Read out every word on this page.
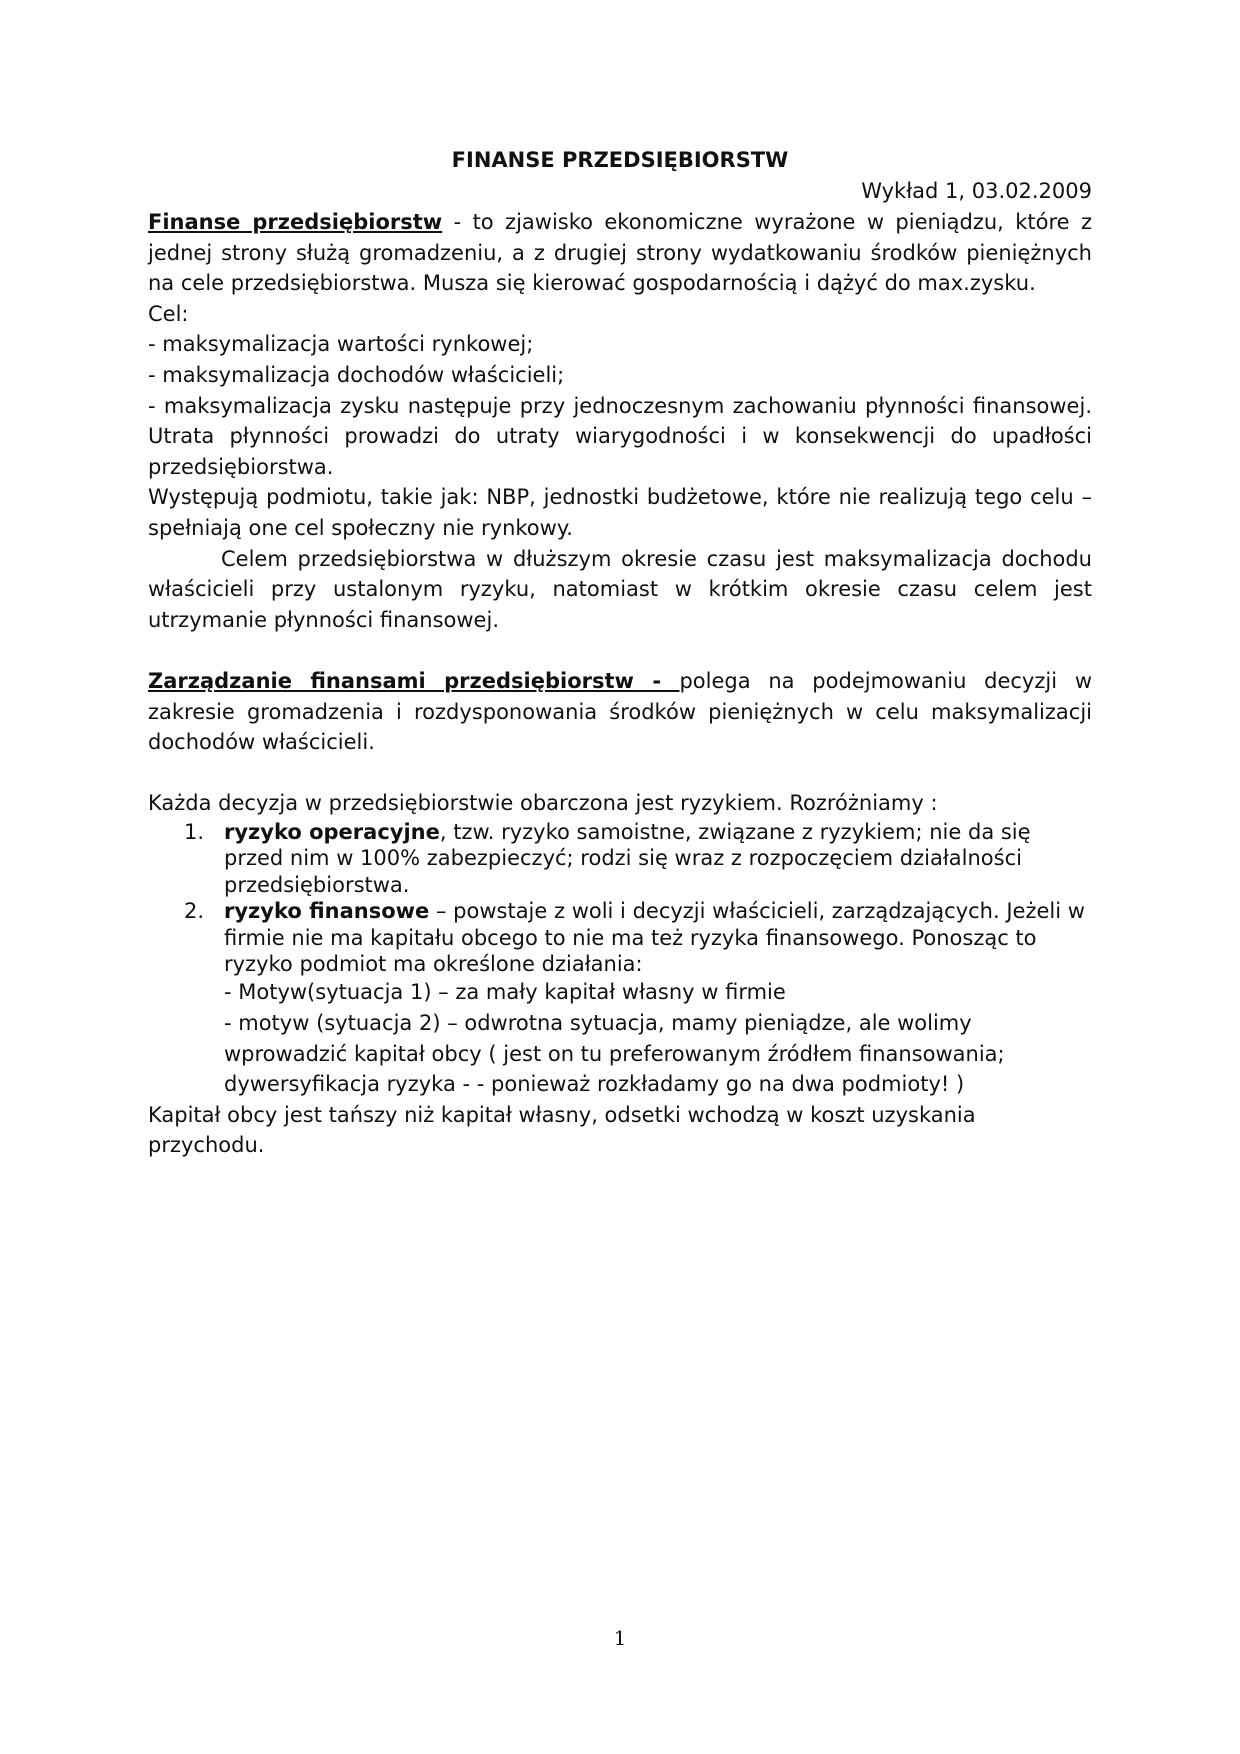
FINANSE PRZEDSIĘBIORSTW
Wykład 1, 03.02.2009

Finanse przedsiębiorstw - to zjawisko ekonomiczne wyrażone w pieniądzu, które z jednej strony służą gromadzeniu, a z drugiej strony wydatkowaniu środków pieniężnych na cele przedsiębiorstwa. Musza się kierować gospodarnością i dążyć do max.zysku.

Cel:

- maksymalizacja wartości rynkowej;

- maksymalizacja dochodów właścicieli;

- maksymalizacja zysku następuje przy jednoczesnym zachowaniu płynności finansowej. Utrata płynności prowadzi do utraty wiarygodności i w konsekwencji do upadłości przedsiębiorstwa.

Występują podmiotu, takie jak: NBP, jednostki budżetowe, które nie realizują tego celu – spełniają one cel społeczny nie rynkowy.

Celem przedsiębiorstwa w dłuższym okresie czasu jest maksymalizacja dochodu właścicieli przy ustalonym ryzyku, natomiast w krótkim okresie czasu celem jest utrzymanie płynności finansowej.

Zarządzanie finansami przedsiębiorstw - polega na podejmowaniu decyzji w zakresie gromadzenia i rozdysponowania środków pieniężnych w celu maksymalizacji dochodów właścicieli.

Każda decyzja w przedsiębiorstwie obarczona jest ryzykiem. Rozróżniamy :

1. ryzyko operacyjne, tzw. ryzyko samoistne, związane z ryzykiem; nie da się przed nim w 100% zabezpieczyć; rodzi się wraz z rozpoczęciem działalności przedsiębiorstwa.
2. ryzyko finansowe – powstaje z woli i decyzji właścicieli, zarządzających. Jeżeli w firmie nie ma kapitału obcego to nie ma też ryzyka finansowego. Ponosząc to ryzyko podmiot ma określone działania:
- Motyw(sytuacja 1) – za mały kapitał własny w firmie
- motyw (sytuacja 2) – odwrotna sytuacja, mamy pieniądze, ale wolimy wprowadzić kapitał obcy ( jest on tu preferowanym źródłem finansowania; dywersyfikacja ryzyka - - ponieważ rozkładamy go na dwa podmioty! )

Kapitał obcy jest tańszy niż kapitał własny, odsetki wchodzą w koszt uzyskania przychodu.

1
